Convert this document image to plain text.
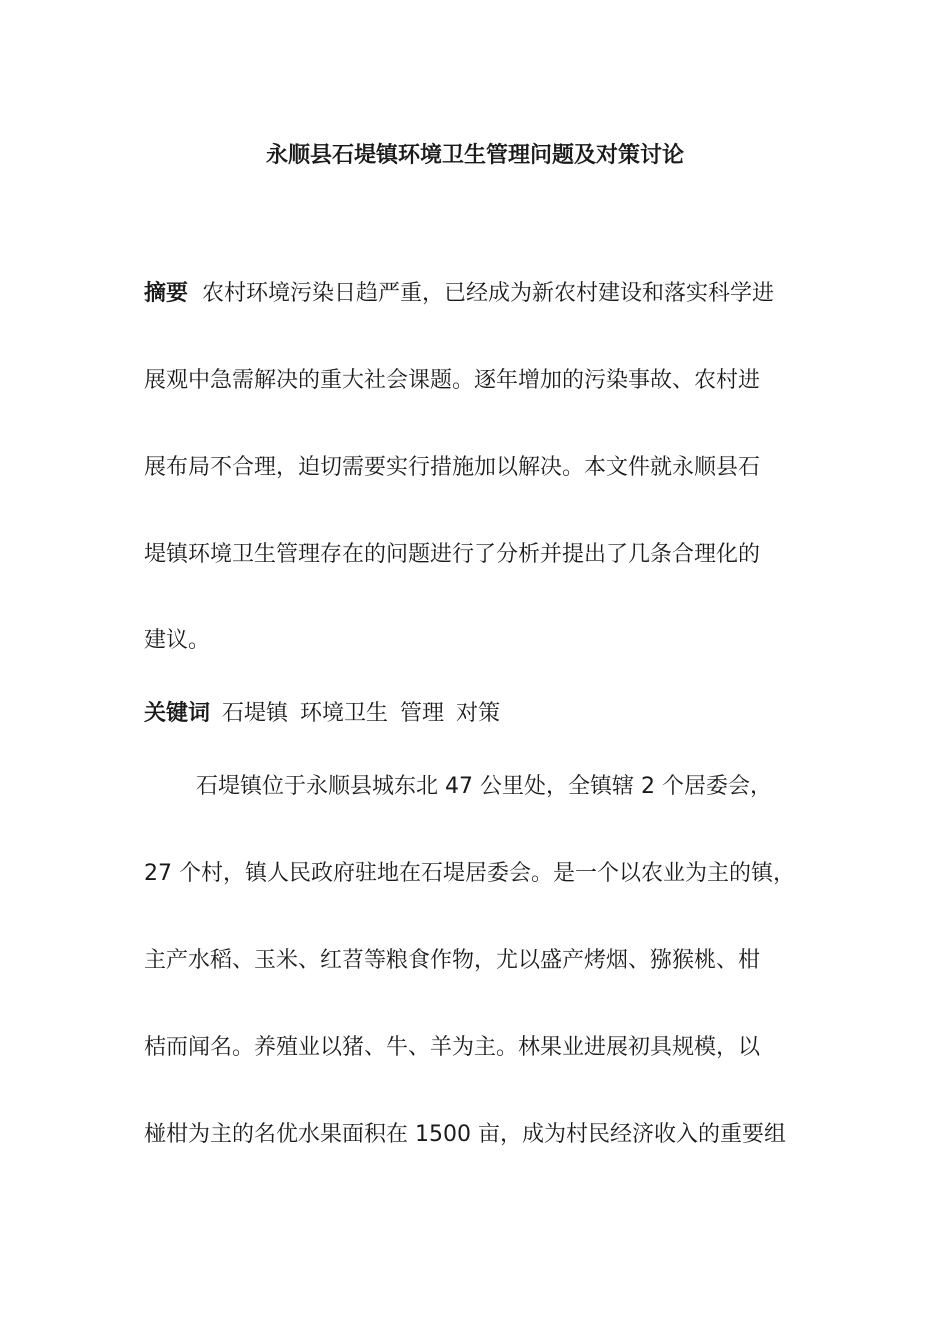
永顺县石堤镇环境卫生管理问题及对策讨论
摘要 农村环境污染日趋严重，已经成为新农村建设和落实科学进
展观中急需解决的重大社会课题。逐年增加的污染事故、农村进
展布局不合理，迫切需要实行措施加以解决。本文件就永顺县石
堤镇环境卫生管理存在的问题进行了分析并提出了几条合理化的
建议。
关键词 石堤镇 环境卫生 管理 对策
石堤镇位于永顺县城东北 47 公里处，全镇辖 2 个居委会，
27 个村，镇人民政府驻地在石堤居委会。是一个以农业为主的镇，
主产水稻、玉米、红苕等粮食作物，尤以盛产烤烟、猕猴桃、柑
桔而闻名。养殖业以猪、牛、羊为主。林果业进展初具规模，以
椪柑为主的名优水果面积在 1500 亩，成为村民经济收入的重要组
